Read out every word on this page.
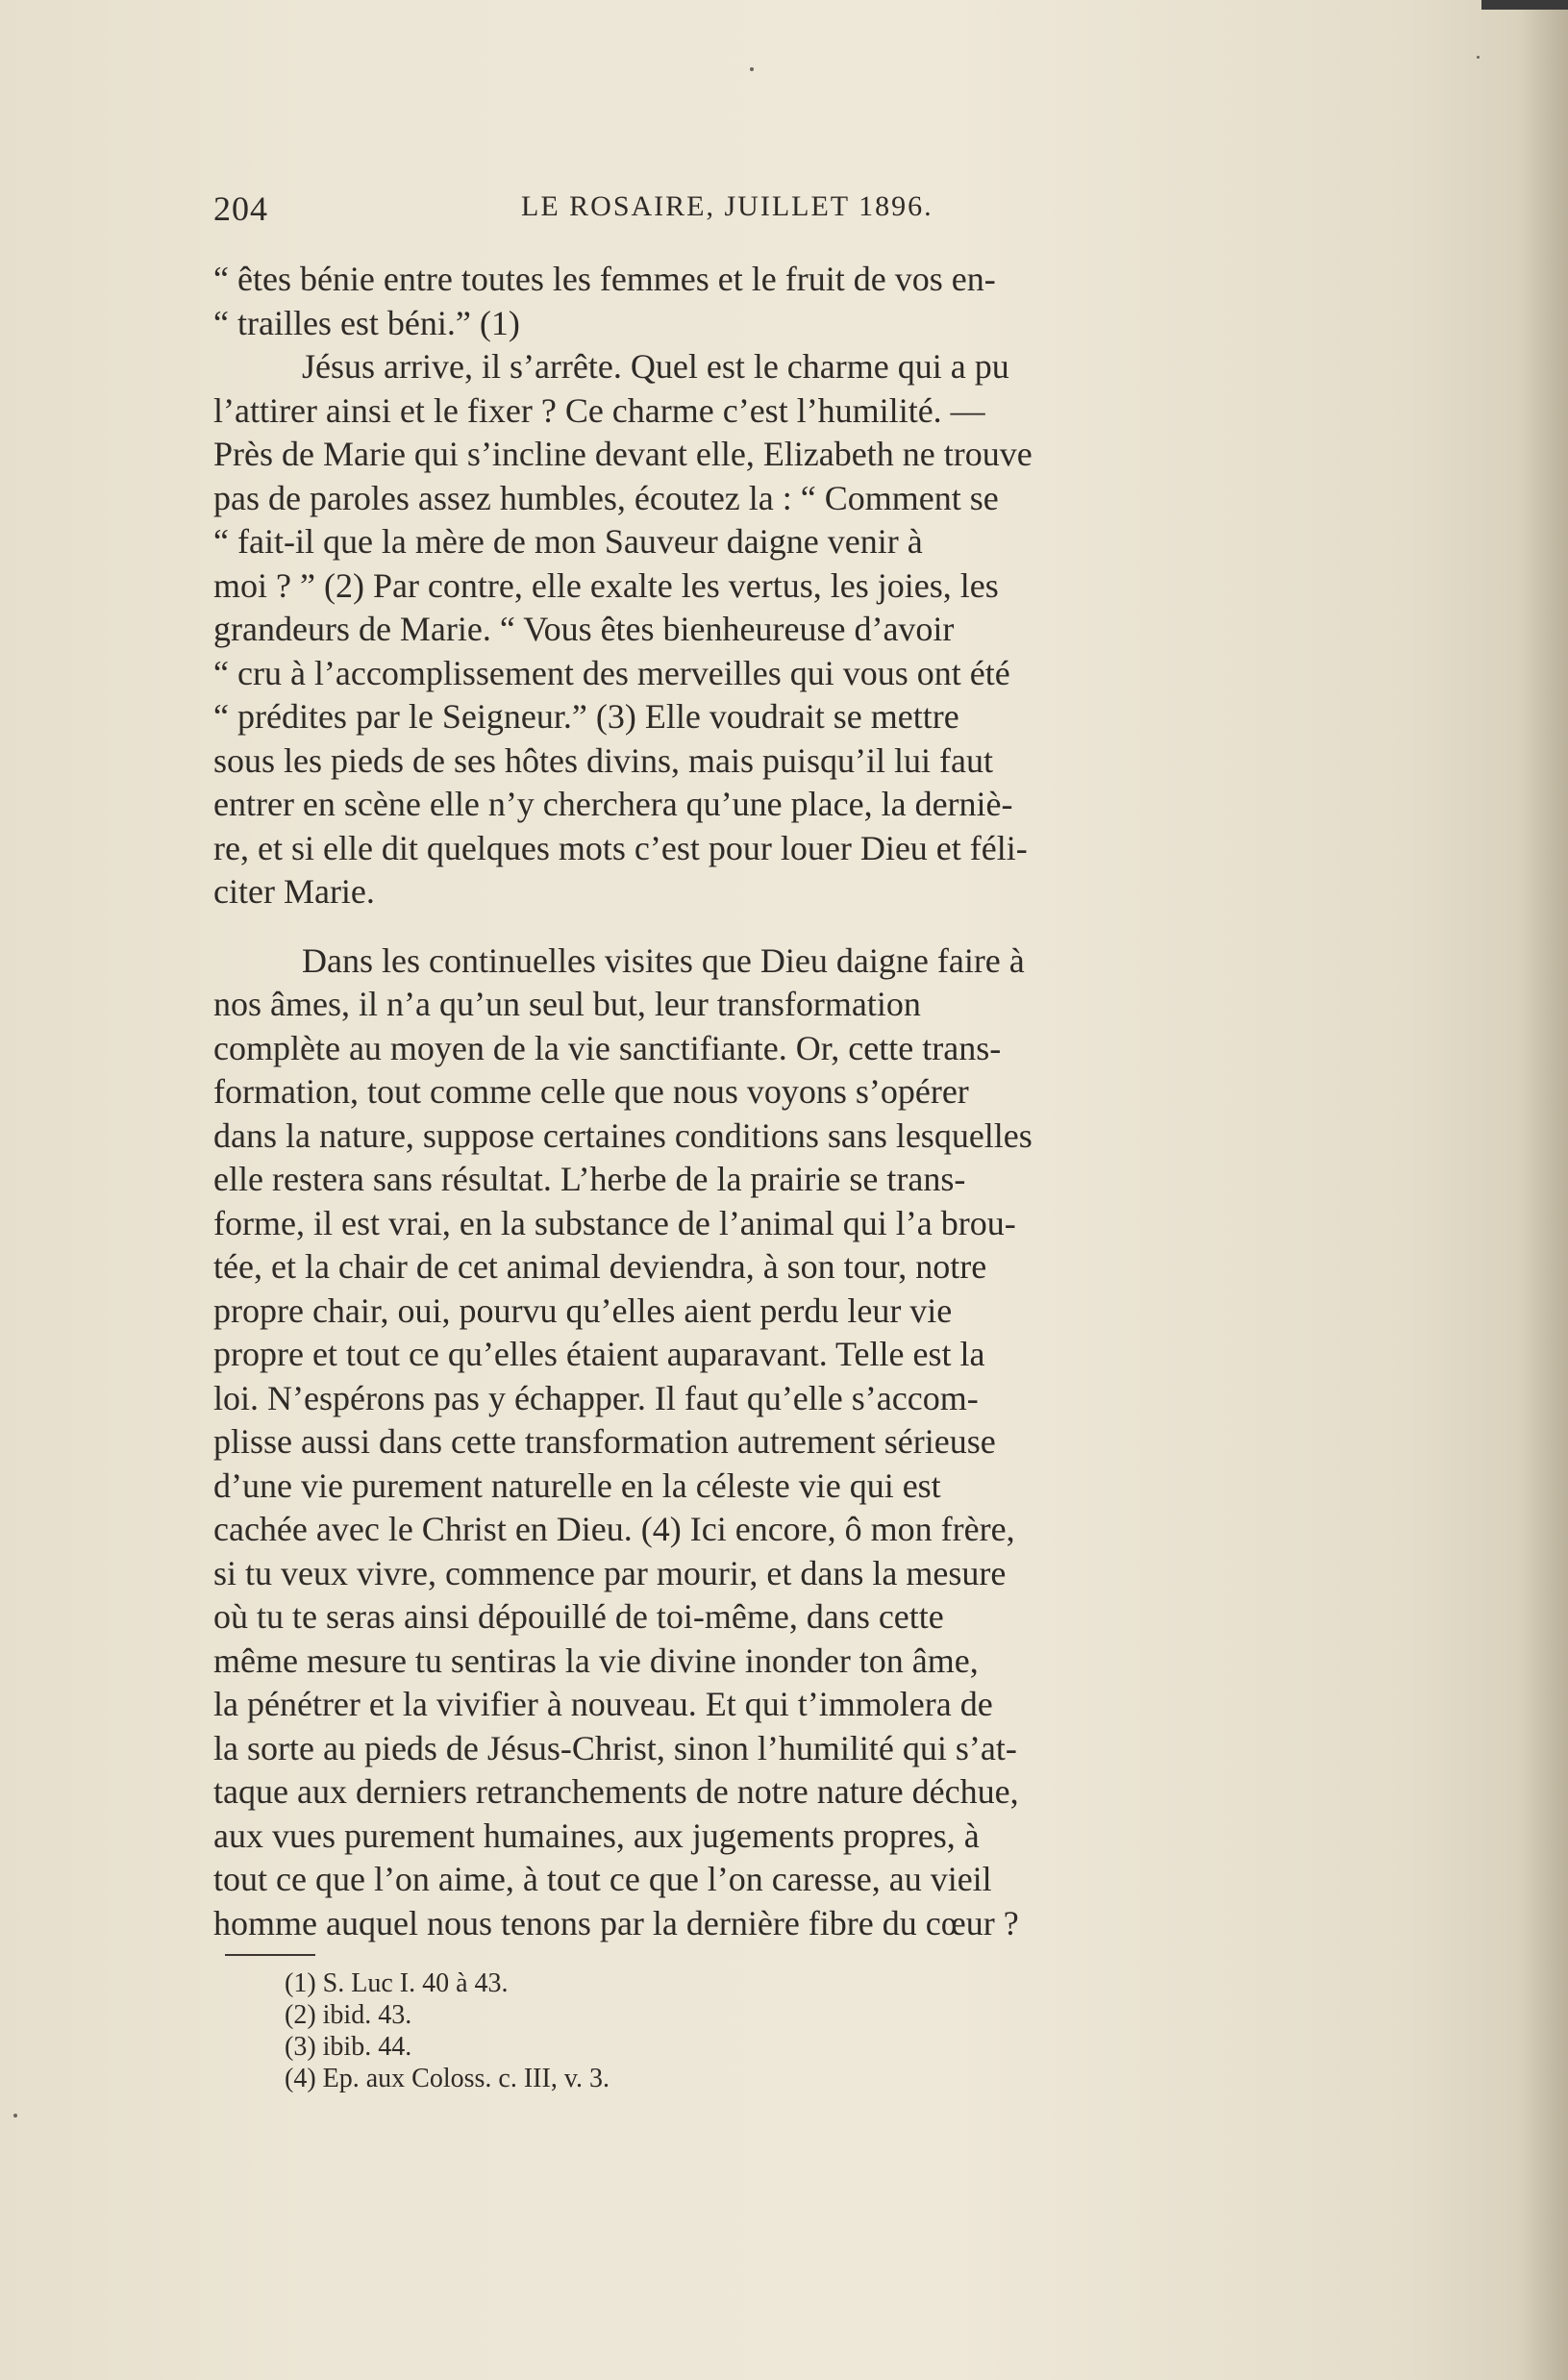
204	LE ROSAIRE, JUILLET 1896.
“ êtes bénie entre toutes les femmes et le fruit de vos en-
“ trailles est béni.” (1)
Jésus arrive, il s’arrête. Quel est le charme qui a pu
l’attirer ainsi et le fixer ? Ce charme c’est l’humilité. —
Près de Marie qui s’incline devant elle, Elizabeth ne trouve
pas de paroles assez humbles, écoutez la : “ Comment se
“ fait-il que la mère de mon Sauveur daigne venir à
moi ? ” (2) Par contre, elle exalte les vertus, les joies, les
grandeurs de Marie. “ Vous êtes bienheureuse d’avoir
“ cru à l’accomplissement des merveilles qui vous ont été
“ prédites par le Seigneur.” (3) Elle voudrait se mettre
sous les pieds de ses hôtes divins, mais puisqu’il lui faut
entrer en scène elle n’y cherchera qu’une place, la derniè-
re, et si elle dit quelques mots c’est pour louer Dieu et féli-
citer Marie.
Dans les continuelles visites que Dieu daigne faire à
nos âmes, il n’a qu’un seul but, leur transformation
complète au moyen de la vie sanctifiante. Or, cette trans-
formation, tout comme celle que nous voyons s’opérer
dans la nature, suppose certaines conditions sans lesquelles
elle restera sans résultat. L’herbe de la prairie se trans-
forme, il est vrai, en la substance de l’animal qui l’a brou-
tée, et la chair de cet animal deviendra, à son tour, notre
propre chair, oui, pourvu qu’elles aient perdu leur vie
propre et tout ce qu’elles étaient auparavant. Telle est la
loi. N’espérons pas y échapper. Il faut qu’elle s’accom-
plisse aussi dans cette transformation autrement sérieuse
d’une vie purement naturelle en la céleste vie qui est
cachée avec le Christ en Dieu. (4) Ici encore, ô mon frère,
si tu veux vivre, commence par mourir, et dans la mesure
où tu te seras ainsi dépouillé de toi-même, dans cette
même mesure tu sentiras la vie divine inonder ton âme,
la pénétrer et la vivifier à nouveau. Et qui t’immolera de
la sorte au pieds de Jésus-Christ, sinon l’humilité qui s’at-
taque aux derniers retranchements de notre nature déchue,
aux vues purement humaines, aux jugements propres, à
tout ce que l’on aime, à tout ce que l’on caresse, au vieil
homme auquel nous tenons par la dernière fibre du cœur ?
(1) S. Luc I. 40 à 43.
(2) ibid. 43.
(3) ibib. 44.
(4) Ep. aux Coloss. c. III, v. 3.
